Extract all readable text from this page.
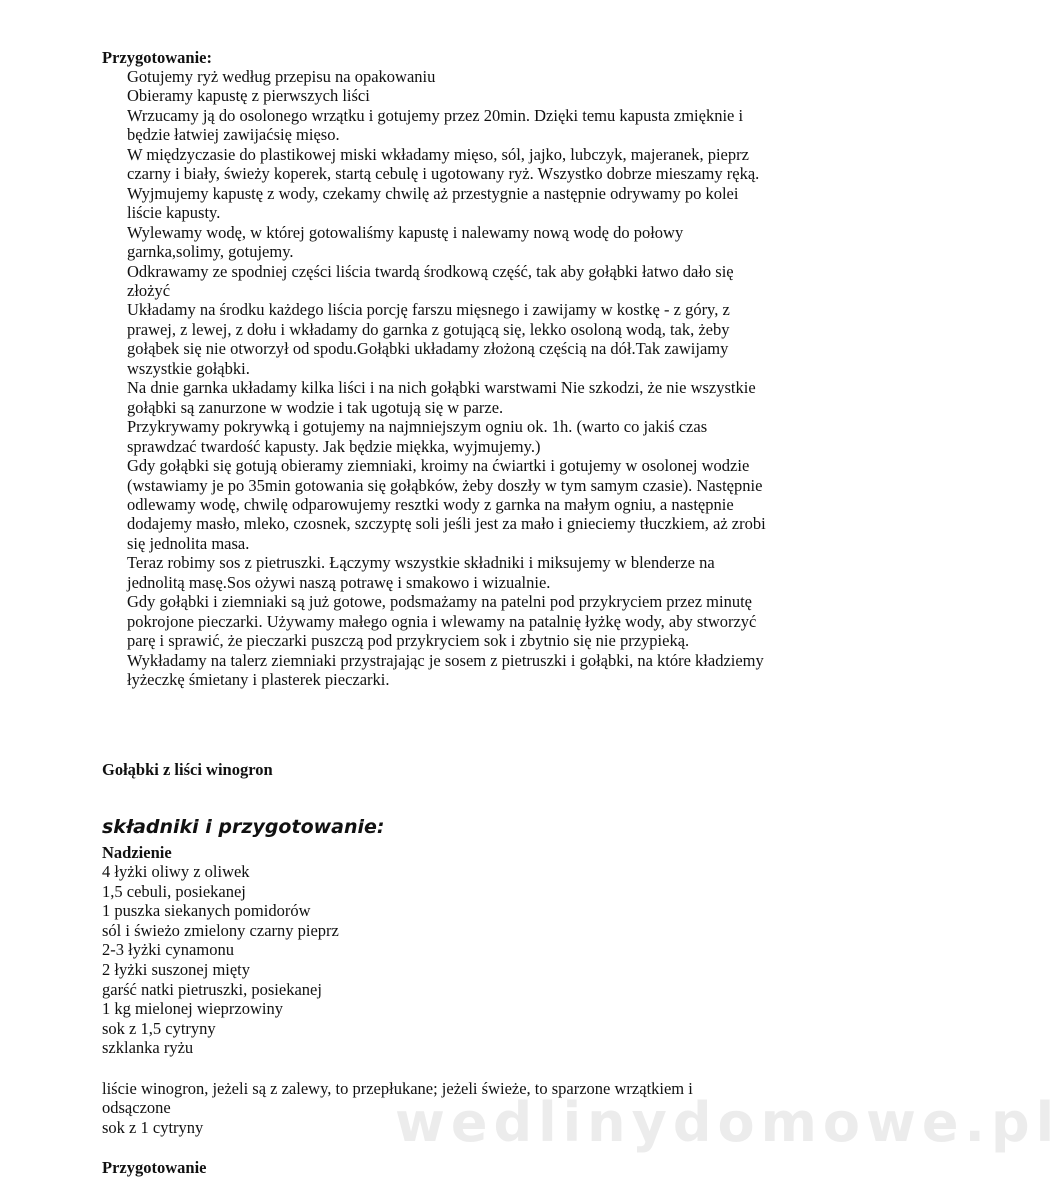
Przygotowanie:
Gotujemy ryż według przepisu na opakowaniu
Obieramy kapustę z pierwszych liści
Wrzucamy ją do osolonego wrzątku i gotujemy przez 20min. Dzięki temu kapusta zmięknie i będzie łatwiej zawijaćsię mięso.
W międzyczasie do plastikowej miski wkładamy mięso, sól, jajko, lubczyk, majeranek, pieprz czarny i biały, świeży koperek, startą cebulę i ugotowany ryż. Wszystko dobrze mieszamy ręką.
Wyjmujemy kapustę z wody, czekamy chwilę aż przestygnie a następnie odrywamy po kolei liście kapusty.
Wylewamy wodę, w której gotowaliśmy kapustę i nalewamy nową wodę do połowy garnka,solimy, gotujemy.
Odkrawamy ze spodniej części liścia twardą środkową część, tak aby gołąbki łatwo dało się złożyć
Układamy na środku każdego liścia porcję farszu mięsnego i zawijamy w kostkę - z góry, z prawej, z lewej, z dołu i wkładamy do garnka z gotującą się, lekko osoloną wodą, tak, żeby gołąbek się nie otworzył od spodu.Gołąbki układamy złożoną częścią na dół.Tak zawijamy wszystkie gołąbki.
Na dnie garnka układamy kilka liści i na nich gołąbki warstwami Nie szkodzi, że nie wszystkie gołąbki są zanurzone w wodzie i tak ugotują się w parze.
Przykrywamy pokrywką i gotujemy na najmniejszym ogniu ok. 1h. (warto co jakiś czas sprawdzać twardość kapusty. Jak będzie miękka, wyjmujemy.)
Gdy gołąbki się gotują obieramy ziemniaki, kroimy na ćwiartki i gotujemy w osolonej wodzie (wstawiamy je po 35min gotowania się gołąbków, żeby doszły w tym samym czasie). Następnie odlewamy wodę, chwilę odparowujemy resztki wody z garnka na małym ogniu, a następnie dodajemy masło, mleko, czosnek, szczyptę soli jeśli jest za mało i gnieciemy tłuczkiem, aż zrobi się jednolita masa.
Teraz robimy sos z pietruszki. Łączymy wszystkie składniki i miksujemy w blenderze na jednolitą masę.Sos ożywi naszą potrawę i smakowo i wizualnie.
Gdy gołąbki i ziemniaki są już gotowe, podsmażamy na patelni pod przykryciem przez minutę pokrojone pieczarki. Używamy małego ognia i wlewamy na patalnię łyżkę wody, aby stworzyć parę i sprawić, że pieczarki puszczą pod przykryciem sok i zbytnio się nie przypieką.
Wykładamy na talerz ziemniaki przystrajając je sosem z pietruszki i gołąbki, na które kładziemy łyżeczkę śmietany i plasterek pieczarki.
Gołąbki z liści winogron
składniki i przygotowanie:
Nadzienie
4 łyżki oliwy z oliwek
1,5 cebuli, posiekanej
1 puszka siekanych pomidorów
sól i świeżo zmielony czarny pieprz
2-3 łyżki cynamonu
2 łyżki suszonej mięty
garść natki pietruszki, posiekanej
1 kg mielonej wieprzowiny
sok z 1,5 cytryny
szklanka ryżu
liście winogron, jeżeli są z zalewy, to przepłukane; jeżeli świeże, to sparzone wrzątkiem i odsączone
sok z 1 cytryny
Przygotowanie
wedlinydomowe.pl
